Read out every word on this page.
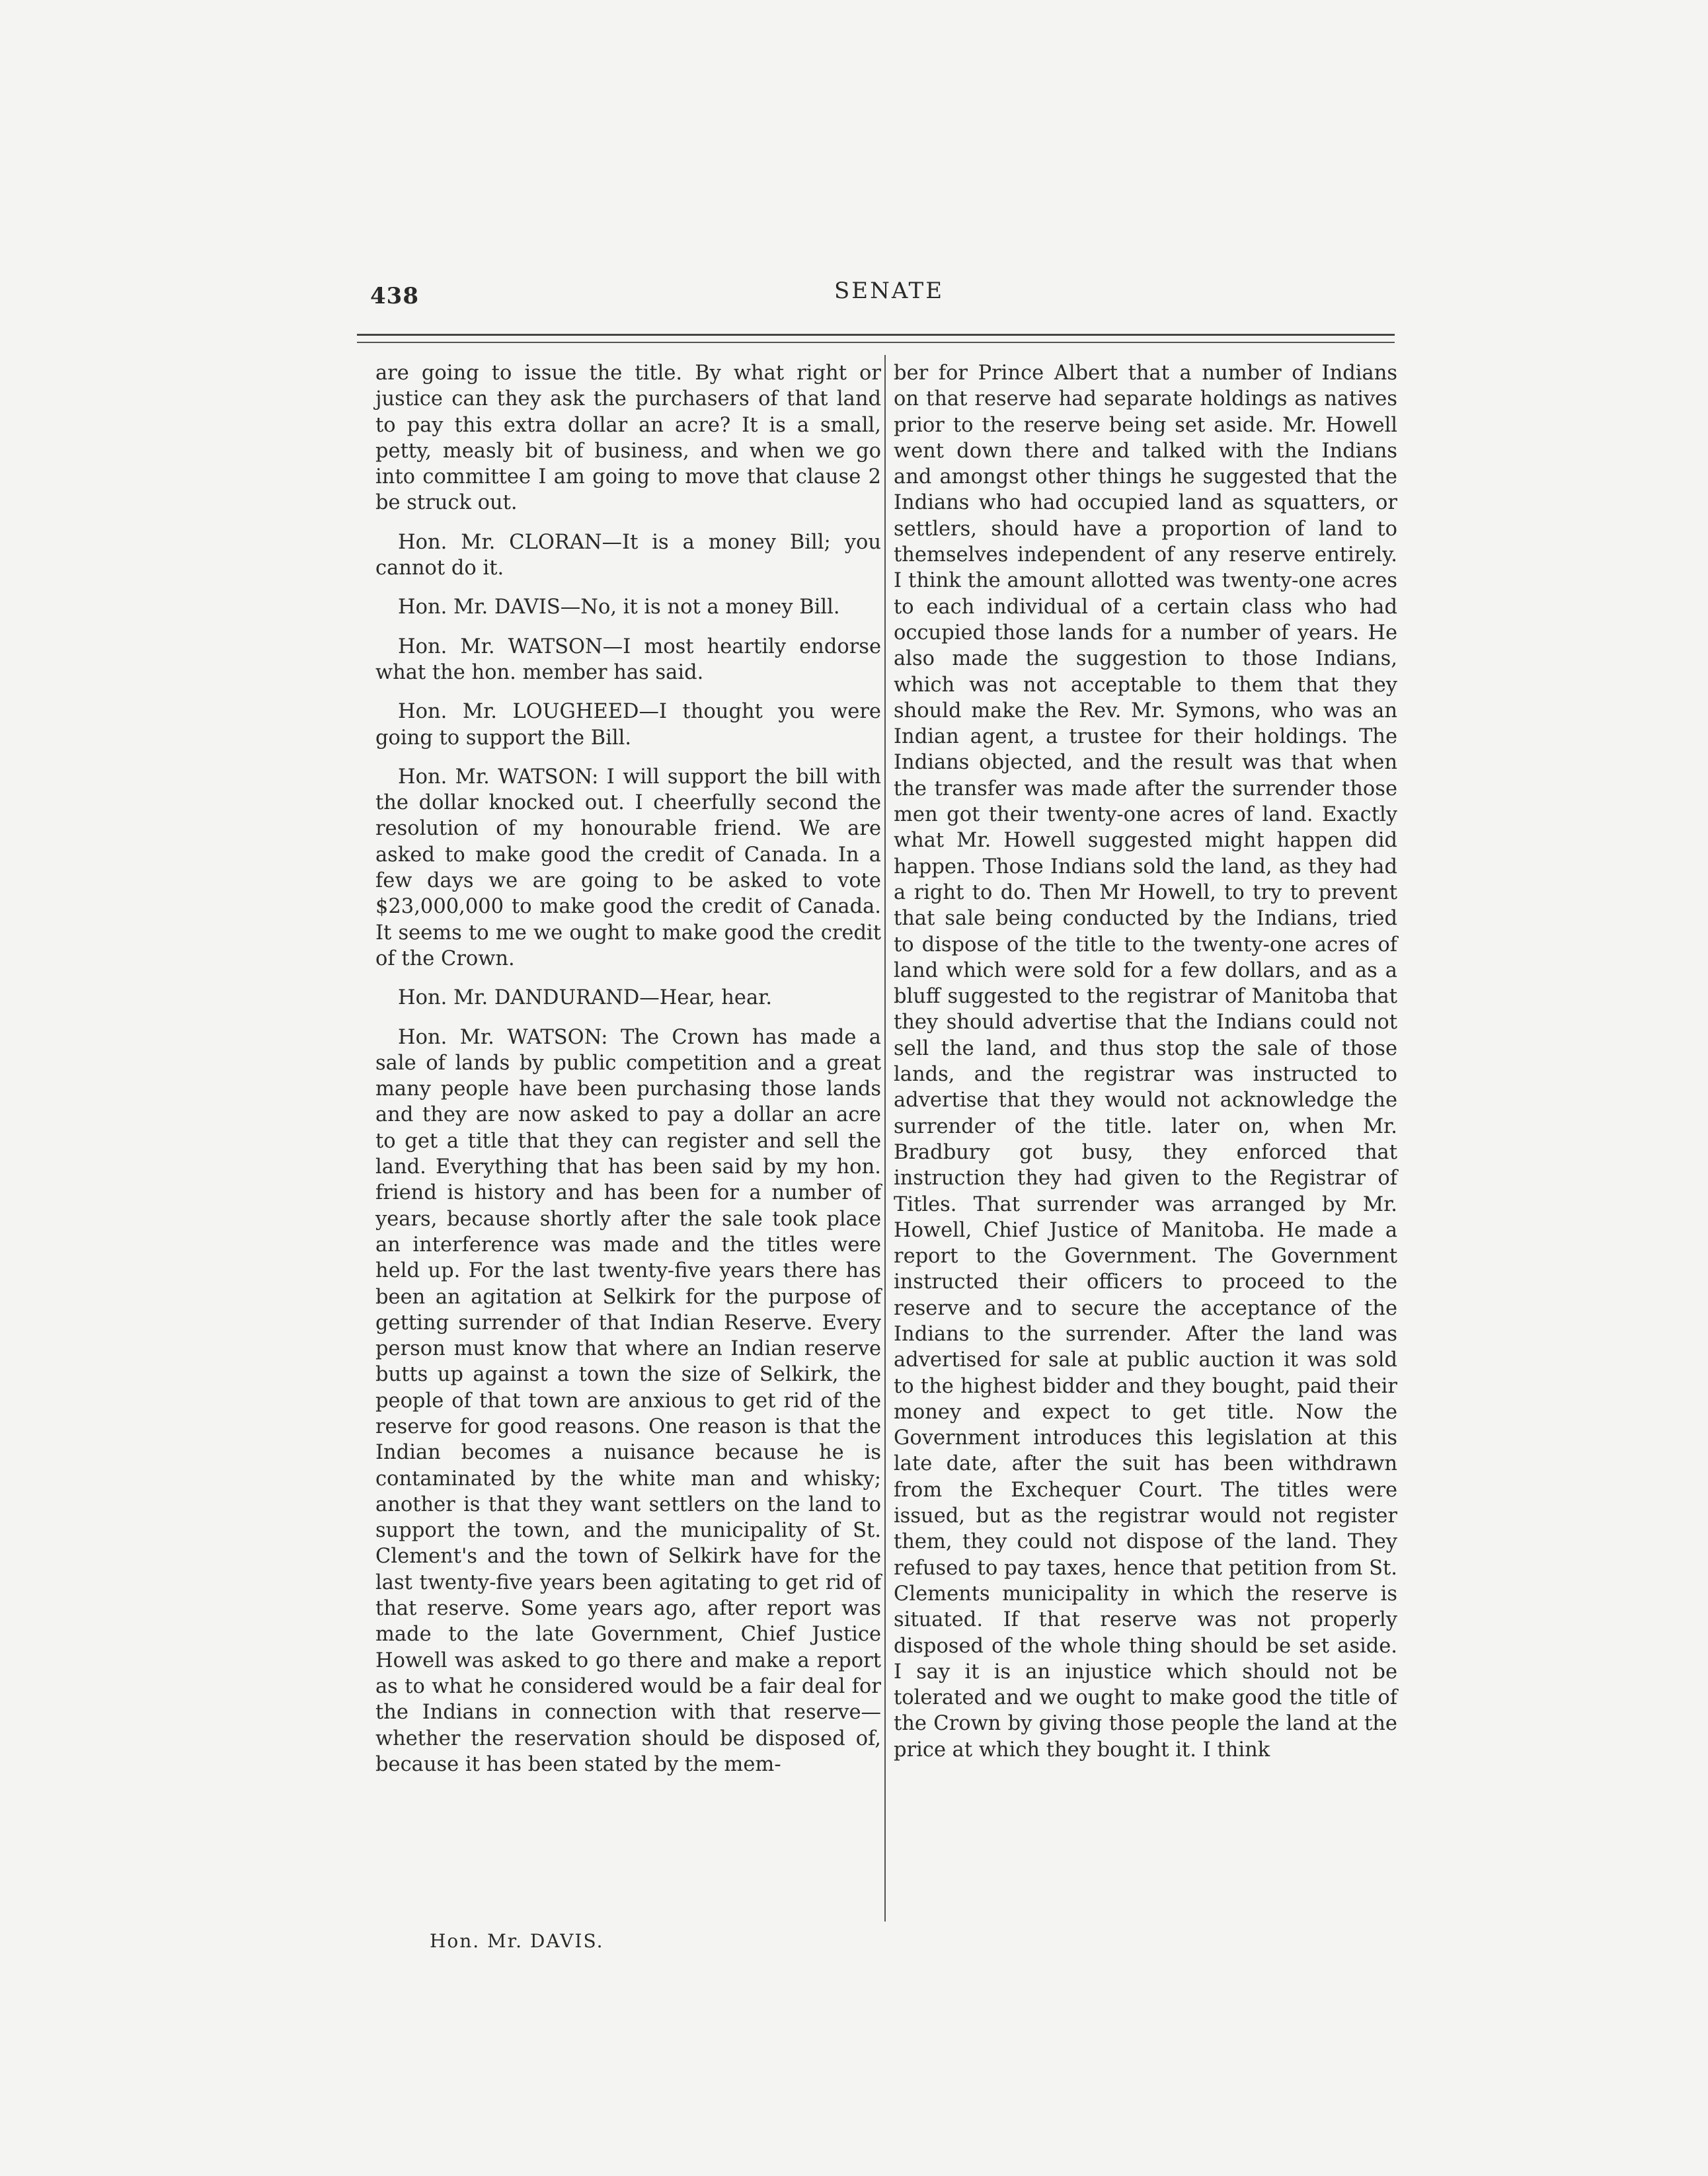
438	SENATE

are going to issue the title. By what right or justice can they ask the purchasers of that land to pay this extra dollar an acre? It is a small, petty, measly bit of business, and when we go into committee I am going to move that clause 2 be struck out.

Hon. Mr. CLORAN—It is a money Bill; you cannot do it.

Hon. Mr. DAVIS—No, it is not a money Bill.

Hon. Mr. WATSON—I most heartily endorse what the hon. member has said.

Hon. Mr. LOUGHEED—I thought you were going to support the Bill.

Hon. Mr. WATSON: I will support the bill with the dollar knocked out. I cheerfully second the resolution of my honourable friend. We are asked to make good the credit of Canada. In a few days we are going to be asked to vote $23,000,000 to make good the credit of Canada. It seems to me we ought to make good the credit of the Crown.

Hon. Mr. DANDURAND—Hear, hear.

Hon. Mr. WATSON: The Crown has made a sale of lands by public competition and a great many people have been purchasing those lands and they are now asked to pay a dollar an acre to get a title that they can register and sell the land. Everything that has been said by my hon. friend is history and has been for a number of years, because shortly after the sale took place an interference was made and the titles were held up. For the last twenty-five years there has been an agitation at Selkirk for the purpose of getting surrender of that Indian Reserve. Every person must know that where an Indian reserve butts up against a town the size of Selkirk, the people of that town are anxious to get rid of the reserve for good reasons. One reason is that the Indian becomes a nuisance because he is contaminated by the white man and whisky; another is that they want settlers on the land to support the town, and the municipality of St. Clement's and the town of Selkirk have for the last twenty-five years been agitating to get rid of that reserve. Some years ago, after report was made to the late Government, Chief Justice Howell was asked to go there and make a report as to what he considered would be a fair deal for the Indians in connection with that reserve—whether the reservation should be disposed of, because it has been stated by the mem-

ber for Prince Albert that a number of Indians on that reserve had separate holdings as natives prior to the reserve being set aside. Mr. Howell went down there and talked with the Indians and amongst other things he suggested that the Indians who had occupied land as squatters, or settlers, should have a proportion of land to themselves independent of any reserve entirely. I think the amount allotted was twenty-one acres to each individual of a certain class who had occupied those lands for a number of years. He also made the suggestion to those Indians, which was not acceptable to them that they should make the Rev. Mr. Symons, who was an Indian agent, a trustee for their holdings. The Indians objected, and the result was that when the transfer was made after the surrender those men got their twenty-one acres of land. Exactly what Mr. Howell suggested might happen did happen. Those Indians sold the land, as they had a right to do. Then Mr Howell, to try to prevent that sale being conducted by the Indians, tried to dispose of the title to the twenty-one acres of land which were sold for a few dollars, and as a bluff suggested to the registrar of Manitoba that they should advertise that the Indians could not sell the land, and thus stop the sale of those lands, and the registrar was instructed to advertise that they would not acknowledge the surrender of the title. later on, when Mr. Bradbury got busy, they enforced that instruction they had given to the Registrar of Titles. That surrender was arranged by Mr. Howell, Chief Justice of Manitoba. He made a report to the Government. The Government instructed their officers to proceed to the reserve and to secure the acceptance of the Indians to the surrender. After the land was advertised for sale at public auction it was sold to the highest bidder and they bought, paid their money and expect to get title. Now the Government introduces this legislation at this late date, after the suit has been withdrawn from the Exchequer Court. The titles were issued, but as the registrar would not register them, they could not dispose of the land. They refused to pay taxes, hence that petition from St. Clements municipality in which the reserve is situated. If that reserve was not properly disposed of the whole thing should be set aside. I say it is an injustice which should not be tolerated and we ought to make good the title of the Crown by giving those people the land at the price at which they bought it. I think

Hon. Mr. DAVIS.
